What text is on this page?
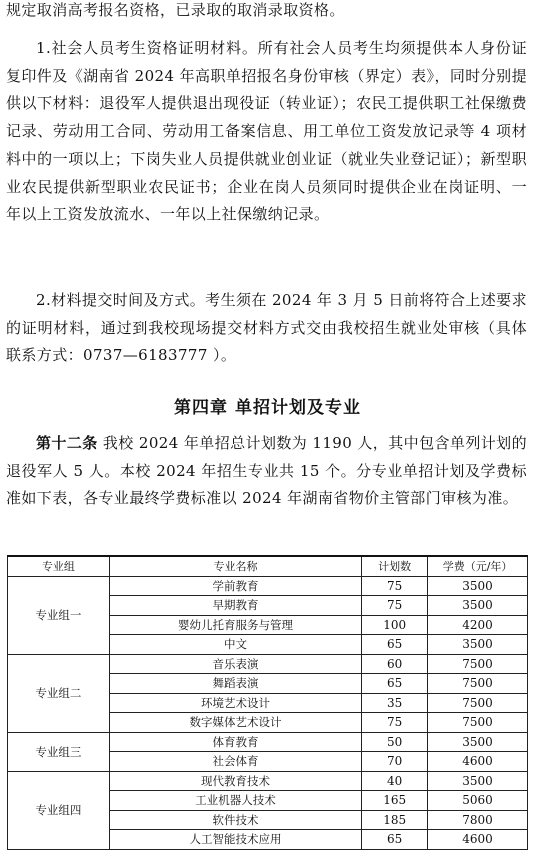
规定取消高考报名资格，已录取的取消录取资格。

1.社会人员考生资格证明材料。所有社会人员考生均须提供本人身份证复印件及《湖南省 2024 年高职单招报名身份审核（界定）表》，同时分别提供以下材料：退役军人提供退出现役证（转业证）；农民工提供职工社保缴费记录、劳动用工合同、劳动用工备案信息、用工单位工资发放记录等 4 项材料中的一项以上；下岗失业人员提供就业创业证（就业失业登记证）；新型职业农民提供新型职业农民证书；企业在岗人员须同时提供企业在岗证明、一年以上工资发放流水、一年以上社保缴纳记录。

2.材料提交时间及方式。考生须在 2024 年 3 月 5 日前将符合上述要求的证明材料，通过到我校现场提交材料方式交由我校招生就业处审核（具体联系方式：0737—6183777 ）。

第四章 单招计划及专业

第十二条 我校 2024 年单招总计划数为 1190 人，其中包含单列计划的退役军人 5 人。本校 2024 年招生专业共 15 个。分专业单招计划及学费标准如下表，各专业最终学费标准以 2024 年湖南省物价主管部门审核为准。

专业组	专业名称	计划数	学费（元/年）
专业组一	学前教育	75	3500
	早期教育	75	3500
	婴幼儿托育服务与管理	100	4200
	中文	65	3500
专业组二	音乐表演	60	7500
	舞蹈表演	65	7500
	环境艺术设计	35	7500
	数字媒体艺术设计	75	7500
专业组三	体育教育	50	3500
	社会体育	70	4600
专业组四	现代教育技术	40	3500
	工业机器人技术	165	5060
	软件技术	185	7800
	人工智能技术应用	65	4600
